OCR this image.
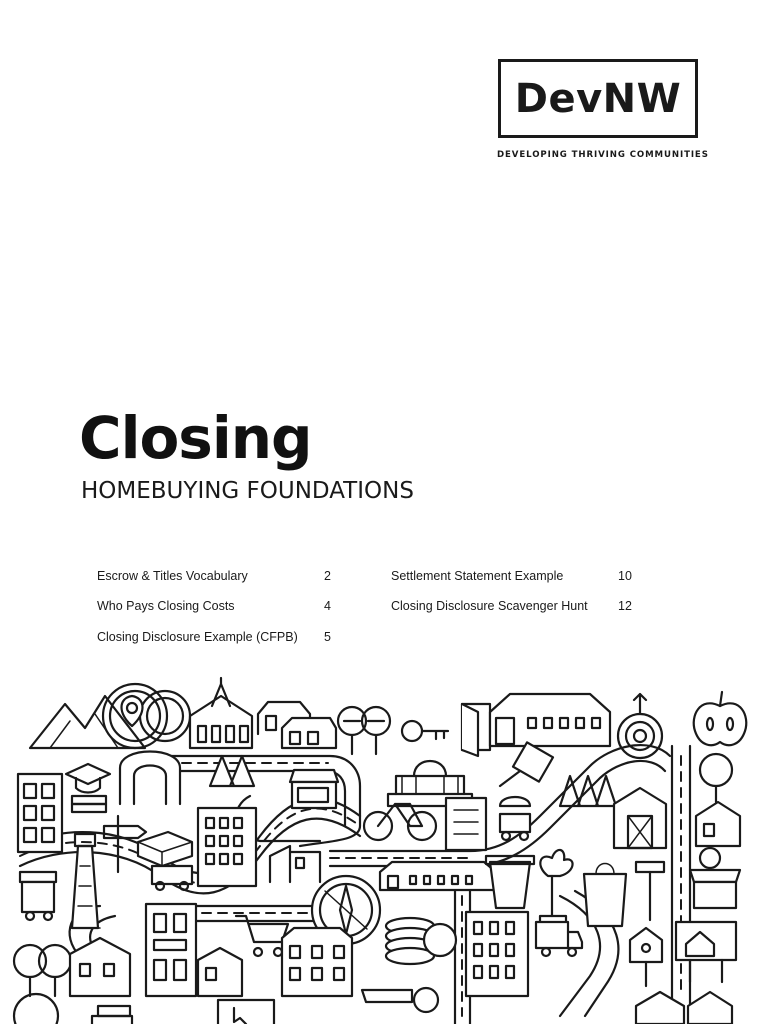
DevNW
DEVELOPING THRIVING COMMUNITIES
Closing
HOMEBUYING FOUNDATIONS
Escrow & Titles Vocabulary	2
Who Pays Closing Costs	4
Closing Disclosure Example (CFPB) 5
Settlement Statement Example	10
Closing Disclosure Scavenger Hunt 12
